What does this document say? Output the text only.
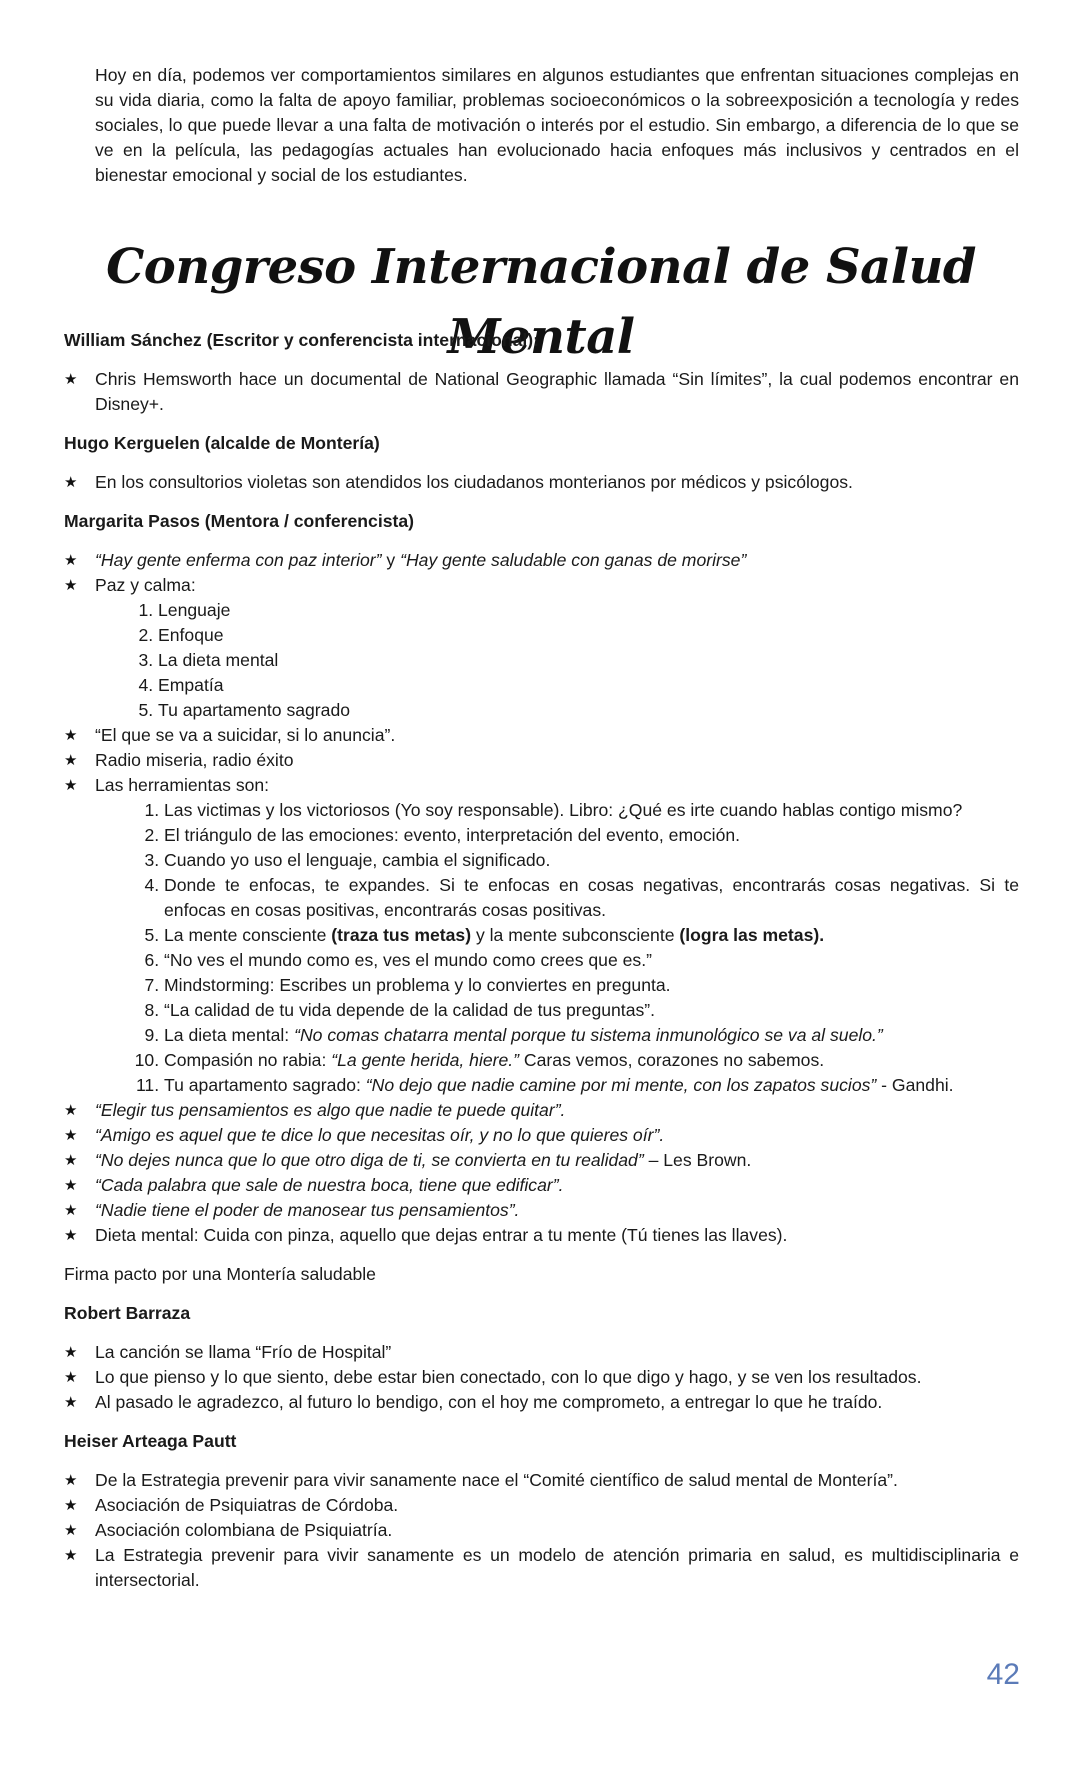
Hoy en día, podemos ver comportamientos similares en algunos estudiantes que enfrentan situaciones complejas en su vida diaria, como la falta de apoyo familiar, problemas socioeconómicos o la sobreexposición a tecnología y redes sociales, lo que puede llevar a una falta de motivación o interés por el estudio. Sin embargo, a diferencia de lo que se ve en la película, las pedagogías actuales han evolucionado hacia enfoques más inclusivos y centrados en el bienestar emocional y social de los estudiantes.

Congreso Internacional de Salud Mental

William Sánchez (Escritor y conferencista internacional):

★ Chris Hemsworth hace un documental de National Geographic llamada “Sin límites”, la cual podemos encontrar en Disney+.

Hugo Kerguelen (alcalde de Montería)

★ En los consultorios violetas son atendidos los ciudadanos monterianos por médicos y psicólogos.

Margarita Pasos (Mentora / conferencista)

★ “Hay gente enferma con paz interior” y “Hay gente saludable con ganas de morirse”
★ Paz y calma:
1. Lenguaje
2. Enfoque
3. La dieta mental
4. Empatía
5. Tu apartamento sagrado
★ “El que se va a suicidar, si lo anuncia”.
★ Radio miseria, radio éxito
★ Las herramientas son:
1. Las victimas y los victoriosos (Yo soy responsable). Libro: ¿Qué es irte cuando hablas contigo mismo?
2. El triángulo de las emociones: evento, interpretación del evento, emoción.
3. Cuando yo uso el lenguaje, cambia el significado.
4. Donde te enfocas, te expandes. Si te enfocas en cosas negativas, encontrarás cosas negativas. Si te enfocas en cosas positivas, encontrarás cosas positivas.
5. La mente consciente (traza tus metas) y la mente subconsciente (logra las metas).
6. “No ves el mundo como es, ves el mundo como crees que es.”
7. Mindstorming: Escribes un problema y lo conviertes en pregunta.
8. “La calidad de tu vida depende de la calidad de tus preguntas”.
9. La dieta mental: “No comas chatarra mental porque tu sistema inmunológico se va al suelo.”
10. Compasión no rabia: “La gente herida, hiere.” Caras vemos, corazones no sabemos.
11. Tu apartamento sagrado: “No dejo que nadie camine por mi mente, con los zapatos sucios” - Gandhi.
★ “Elegir tus pensamientos es algo que nadie te puede quitar”.
★ “Amigo es aquel que te dice lo que necesitas oír, y no lo que quieres oír”.
★ “No dejes nunca que lo que otro diga de ti, se convierta en tu realidad” – Les Brown.
★ “Cada palabra que sale de nuestra boca, tiene que edificar”.
★ “Nadie tiene el poder de manosear tus pensamientos”.
★ Dieta mental: Cuida con pinza, aquello que dejas entrar a tu mente (Tú tienes las llaves).

Firma pacto por una Montería saludable

Robert Barraza

★ La canción se llama “Frío de Hospital”
★ Lo que pienso y lo que siento, debe estar bien conectado, con lo que digo y hago, y se ven los resultados.
★ Al pasado le agradezco, al futuro lo bendigo, con el hoy me comprometo, a entregar lo que he traído.

Heiser Arteaga Pautt

★ De la Estrategia prevenir para vivir sanamente nace el “Comité científico de salud mental de Montería”.
★ Asociación de Psiquiatras de Córdoba.
★ Asociación colombiana de Psiquiatría.
★ La Estrategia prevenir para vivir sanamente es un modelo de atención primaria en salud, es multidisciplinaria e intersectorial.
42
